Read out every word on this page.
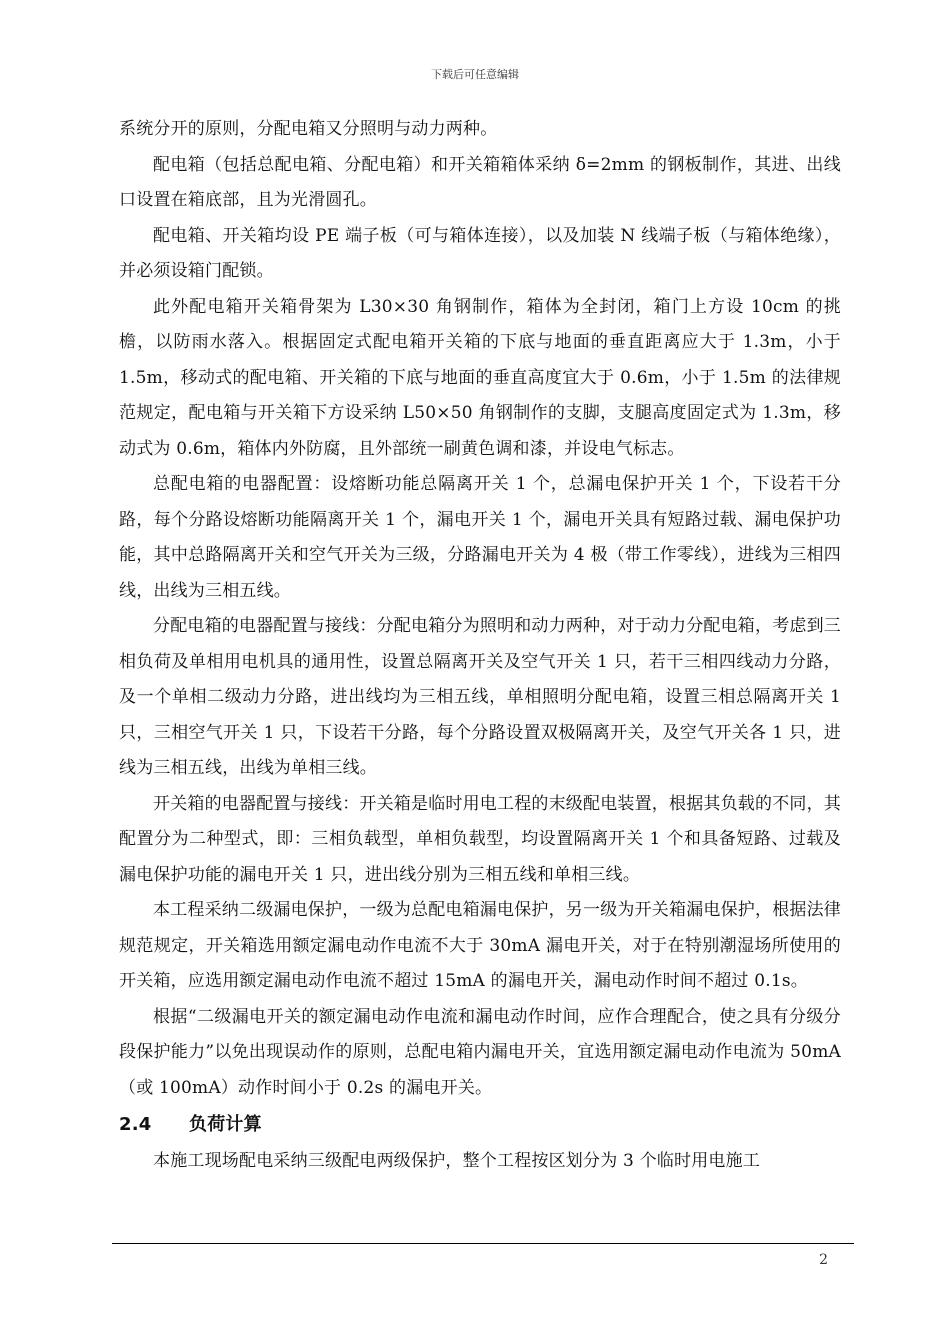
下载后可任意编辑

系统分开的原则，分配电箱又分照明与动力两种。

配电箱（包括总配电箱、分配电箱）和开关箱箱体采纳 δ=2mm 的钢板制作，其进、出线口设置在箱底部，且为光滑圆孔。

配电箱、开关箱均设 PE 端子板（可与箱体连接），以及加装 N 线端子板（与箱体绝缘），并必须设箱门配锁。

此外配电箱开关箱骨架为 L30×30 角钢制作，箱体为全封闭，箱门上方设 10cm 的挑檐，以防雨水落入。根据固定式配电箱开关箱的下底与地面的垂直距离应大于 1.3m，小于 1.5m，移动式的配电箱、开关箱的下底与地面的垂直高度宜大于 0.6m，小于 1.5m 的法律规范规定，配电箱与开关箱下方设采纳 L50×50 角钢制作的支脚，支腿高度固定式为 1.3m，移动式为 0.6m，箱体内外防腐，且外部统一刷黄色调和漆，并设电气标志。

总配电箱的电器配置：设熔断功能总隔离开关 1 个，总漏电保护开关 1 个，下设若干分路，每个分路设熔断功能隔离开关 1 个，漏电开关 1 个，漏电开关具有短路过载、漏电保护功能，其中总路隔离开关和空气开关为三级，分路漏电开关为 4 极（带工作零线），进线为三相四线，出线为三相五线。

分配电箱的电器配置与接线：分配电箱分为照明和动力两种，对于动力分配电箱，考虑到三相负荷及单相用电机具的通用性，设置总隔离开关及空气开关 1 只，若干三相四线动力分路，及一个单相二级动力分路，进出线均为三相五线，单相照明分配电箱，设置三相总隔离开关 1 只，三相空气开关 1 只，下设若干分路，每个分路设置双极隔离开关，及空气开关各 1 只，进线为三相五线，出线为单相三线。

开关箱的电器配置与接线：开关箱是临时用电工程的末级配电装置，根据其负载的不同，其配置分为二种型式，即：三相负载型，单相负载型，均设置隔离开关 1 个和具备短路、过载及漏电保护功能的漏电开关 1 只，进出线分别为三相五线和单相三线。

本工程采纳二级漏电保护，一级为总配电箱漏电保护，另一级为开关箱漏电保护，根据法律规范规定，开关箱选用额定漏电动作电流不大于 30mA 漏电开关，对于在特别潮湿场所使用的开关箱，应选用额定漏电动作电流不超过 15mA 的漏电开关，漏电动作时间不超过 0.1s。

根据“二级漏电开关的额定漏电动作电流和漏电动作时间，应作合理配合，使之具有分级分段保护能力”以免出现误动作的原则，总配电箱内漏电开关，宜选用额定漏电动作电流为 50mA（或 100mA）动作时间小于 0.2s 的漏电开关。

2.4 负荷计算

本施工现场配电采纳三级配电两级保护，整个工程按区划分为 3 个临时用电施工

2
